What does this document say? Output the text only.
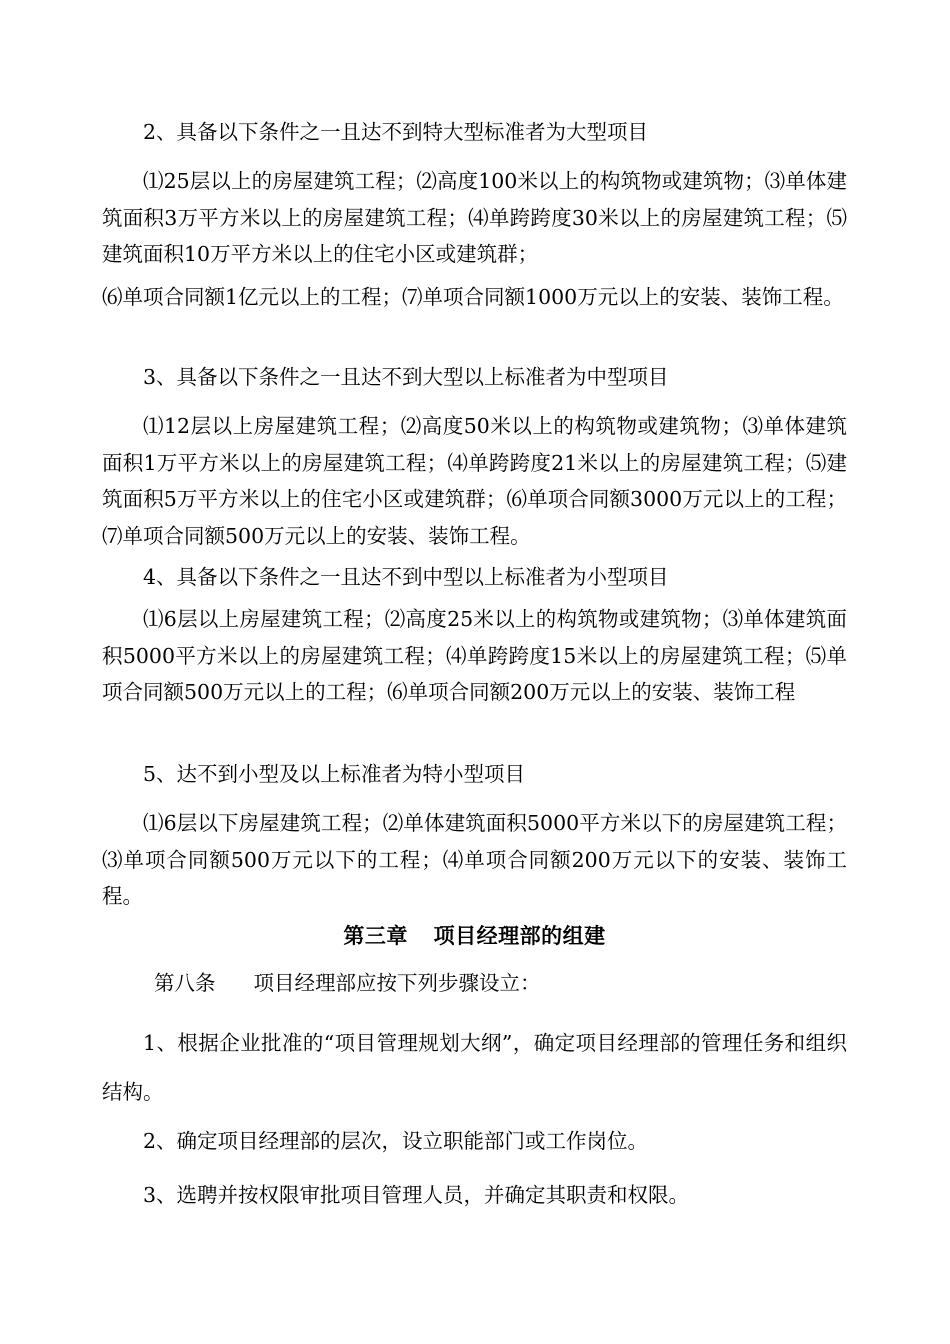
2、具备以下条件之一且达不到特大型标准者为大型项目

⑴25层以上的房屋建筑工程；⑵高度100米以上的构筑物或建筑物；⑶单体建筑面积3万平方米以上的房屋建筑工程；⑷单跨跨度30米以上的房屋建筑工程；⑸建筑面积10万平方米以上的住宅小区或建筑群；

⑹单项合同额1亿元以上的工程；⑺单项合同额1000万元以上的安装、装饰工程。

3、具备以下条件之一且达不到大型以上标准者为中型项目

⑴12层以上房屋建筑工程；⑵高度50米以上的构筑物或建筑物；⑶单体建筑面积1万平方米以上的房屋建筑工程；⑷单跨跨度21米以上的房屋建筑工程；⑸建筑面积5万平方米以上的住宅小区或建筑群；⑹单项合同额3000万元以上的工程；⑺单项合同额500万元以上的安装、装饰工程。

4、具备以下条件之一且达不到中型以上标准者为小型项目

⑴6层以上房屋建筑工程；⑵高度25米以上的构筑物或建筑物；⑶单体建筑面积5000平方米以上的房屋建筑工程；⑷单跨跨度15米以上的房屋建筑工程；⑸单项合同额500万元以上的工程；⑹单项合同额200万元以上的安装、装饰工程

5、达不到小型及以上标准者为特小型项目

⑴6层以下房屋建筑工程；⑵单体建筑面积5000平方米以下的房屋建筑工程；⑶单项合同额500万元以下的工程；⑷单项合同额200万元以下的安装、装饰工程。

第三章 项目经理部的组建

第八条 项目经理部应按下列步骤设立：

1、根据企业批准的“项目管理规划大纲”，确定项目经理部的管理任务和组织结构。

2、确定项目经理部的层次，设立职能部门或工作岗位。

3、选聘并按权限审批项目管理人员，并确定其职责和权限。
